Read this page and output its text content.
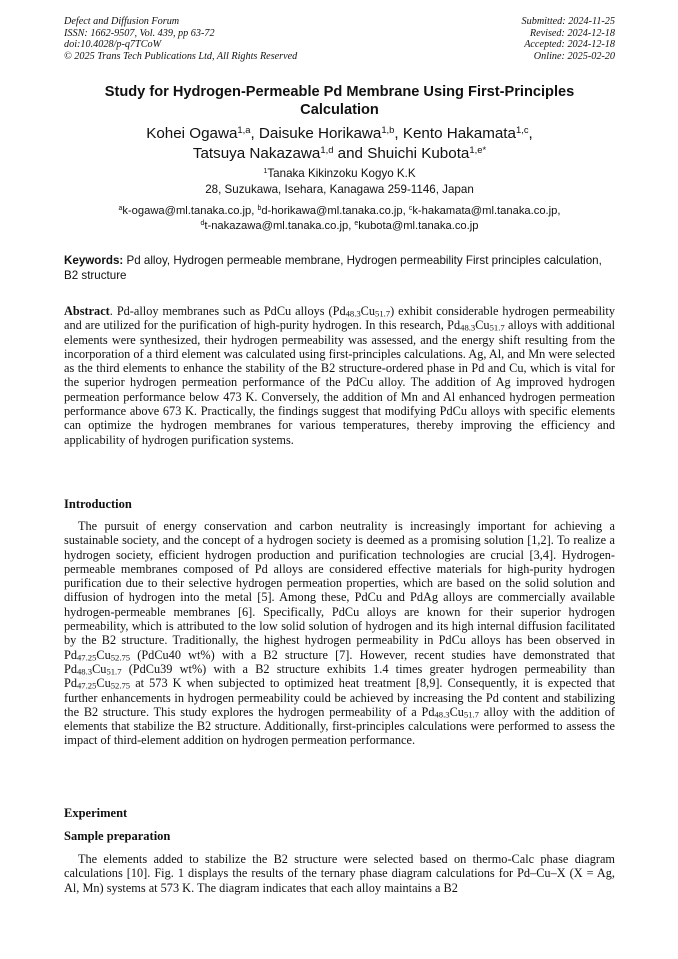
Defect and Diffusion Forum
ISSN: 1662-9507, Vol. 439, pp 63-72
doi:10.4028/p-q7TCoW
© 2025 Trans Tech Publications Ltd, All Rights Reserved
Submitted: 2024-11-25
Revised: 2024-12-18
Accepted: 2024-12-18
Online: 2025-02-20
Study for Hydrogen-Permeable Pd Membrane Using First-Principles Calculation
Kohei Ogawa$^{1,a}$, Daisuke Horikawa$^{1,b}$, Kento Hakamata$^{1,c}$,
Tatsuya Nakazawa$^{1,d}$ and Shuichi Kubota$^{1,e*}$
$^1$Tanaka Kikinzoku Kogyo K.K
28, Suzukawa, Isehara, Kanagawa 259-1146, Japan
$^a$k-ogawa@ml.tanaka.co.jp, $^b$d-horikawa@ml.tanaka.co.jp, $^c$k-hakamata@ml.tanaka.co.jp,
$^d$t-nakazawa@ml.tanaka.co.jp, $^e$kubota@ml.tanaka.co.jp
Keywords: Pd alloy, Hydrogen permeable membrane, Hydrogen permeability First principles calculation, B2 structure
Abstract. Pd-alloy membranes such as PdCu alloys $(Pd_{48.3}Cu_{51.7})$ exhibit considerable hydrogen permeability and are utilized for the purification of high-purity hydrogen. In this research, $Pd_{48.3}Cu_{51.7}$ alloys with additional elements were synthesized, their hydrogen permeability was assessed, and the energy shift resulting from the incorporation of a third element was calculated using first-principles calculations. Ag, Al, and Mn were selected as the third elements to enhance the stability of the B2 structure-ordered phase in Pd and Cu, which is vital for the superior hydrogen permeation performance of the PdCu alloy. The addition of Ag improved hydrogen permeation performance below 473 K. Conversely, the addition of Mn and Al enhanced hydrogen permeation performance above 673 K. Practically, the findings suggest that modifying PdCu alloys with specific elements can optimize the hydrogen membranes for various temperatures, thereby improving the efficiency and applicability of hydrogen purification systems.
Introduction
The pursuit of energy conservation and carbon neutrality is increasingly important for achieving a sustainable society, and the concept of a hydrogen society is deemed as a promising solution [1,2]. To realize a hydrogen society, efficient hydrogen production and purification technologies are crucial [3,4]. Hydrogen-permeable membranes composed of Pd alloys are considered effective materials for high-purity hydrogen purification due to their selective hydrogen permeation properties, which are based on the solid solution and diffusion of hydrogen into the metal [5]. Among these, PdCu and PdAg alloys are commercially available hydrogen-permeable membranes [6]. Specifically, PdCu alloys are known for their superior hydrogen permeability, which is attributed to the low solid solution of hydrogen and its high internal diffusion facilitated by the B2 structure. Traditionally, the highest hydrogen permeability in PdCu alloys has been observed in $Pd_{47.25}Cu_{52.75}$ (PdCu40 wt%) with a B2 structure [7]. However, recent studies have demonstrated that $Pd_{48.3}Cu_{51.7}$ (PdCu39 wt%) with a B2 structure exhibits 1.4 times greater hydrogen permeability than $Pd_{47.25}Cu_{52.75}$ at 573 K when subjected to optimized heat treatment [8,9]. Consequently, it is expected that further enhancements in hydrogen permeability could be achieved by increasing the Pd content and stabilizing the B2 structure. This study explores the hydrogen permeability of a $Pd_{48.3}Cu_{51.7}$ alloy with the addition of elements that stabilize the B2 structure. Additionally, first-principles calculations were performed to assess the impact of third-element addition on hydrogen permeation performance.
Experiment
Sample preparation
The elements added to stabilize the B2 structure were selected based on thermo-Calc phase diagram calculations [10]. Fig. 1 displays the results of the ternary phase diagram calculations for Pd–Cu–X (X = Ag, Al, Mn) systems at 573 K. The diagram indicates that each alloy maintains a B2
